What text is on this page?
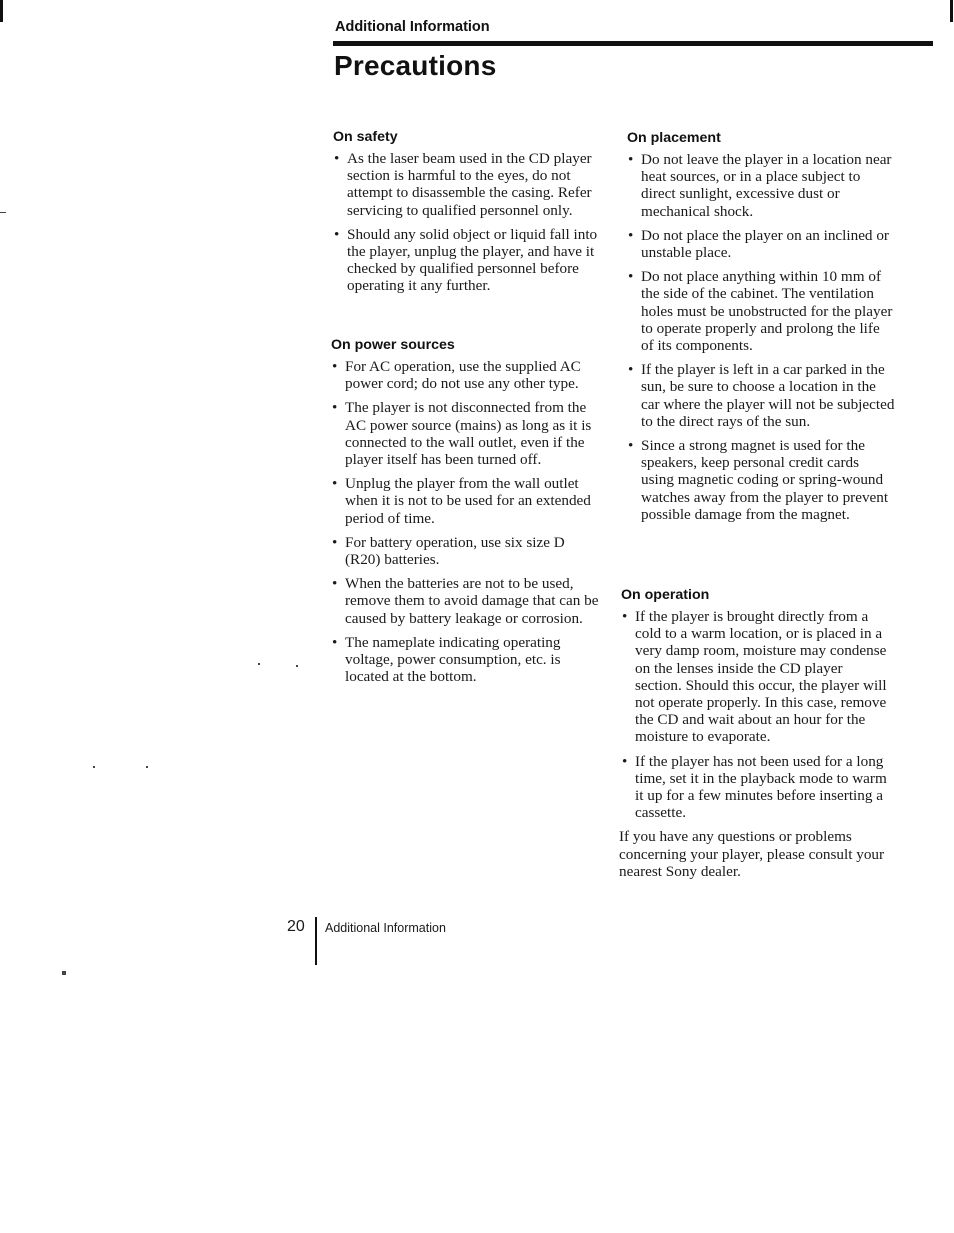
Additional Information
Precautions
On safety
• As the laser beam used in the CD player section is harmful to the eyes, do not attempt to disassemble the casing. Refer servicing to qualified personnel only.
• Should any solid object or liquid fall into the player, unplug the player, and have it checked by qualified personnel before operating it any further.
On power sources
• For AC operation, use the supplied AC power cord; do not use any other type.
• The player is not disconnected from the AC power source (mains) as long as it is connected to the wall outlet, even if the player itself has been turned off.
• Unplug the player from the wall outlet when it is not to be used for an extended period of time.
• For battery operation, use six size D (R20) batteries.
• When the batteries are not to be used, remove them to avoid damage that can be caused by battery leakage or corrosion.
• The nameplate indicating operating voltage, power consumption, etc. is located at the bottom.
On placement
• Do not leave the player in a location near heat sources, or in a place subject to direct sunlight, excessive dust or mechanical shock.
• Do not place the player on an inclined or unstable place.
• Do not place anything within 10 mm of the side of the cabinet. The ventilation holes must be unobstructed for the player to operate properly and prolong the life of its components.
• If the player is left in a car parked in the sun, be sure to choose a location in the car where the player will not be subjected to the direct rays of the sun.
• Since a strong magnet is used for the speakers, keep personal credit cards using magnetic coding or spring-wound watches away from the player to prevent possible damage from the magnet.
On operation
• If the player is brought directly from a cold to a warm location, or is placed in a very damp room, moisture may condense on the lenses inside the CD player section. Should this occur, the player will not operate properly. In this case, remove the CD and wait about an hour for the moisture to evaporate.
• If the player has not been used for a long time, set it in the playback mode to warm it up for a few minutes before inserting a cassette.

If you have any questions or problems concerning your player, please consult your nearest Sony dealer.

20 Additional Information
